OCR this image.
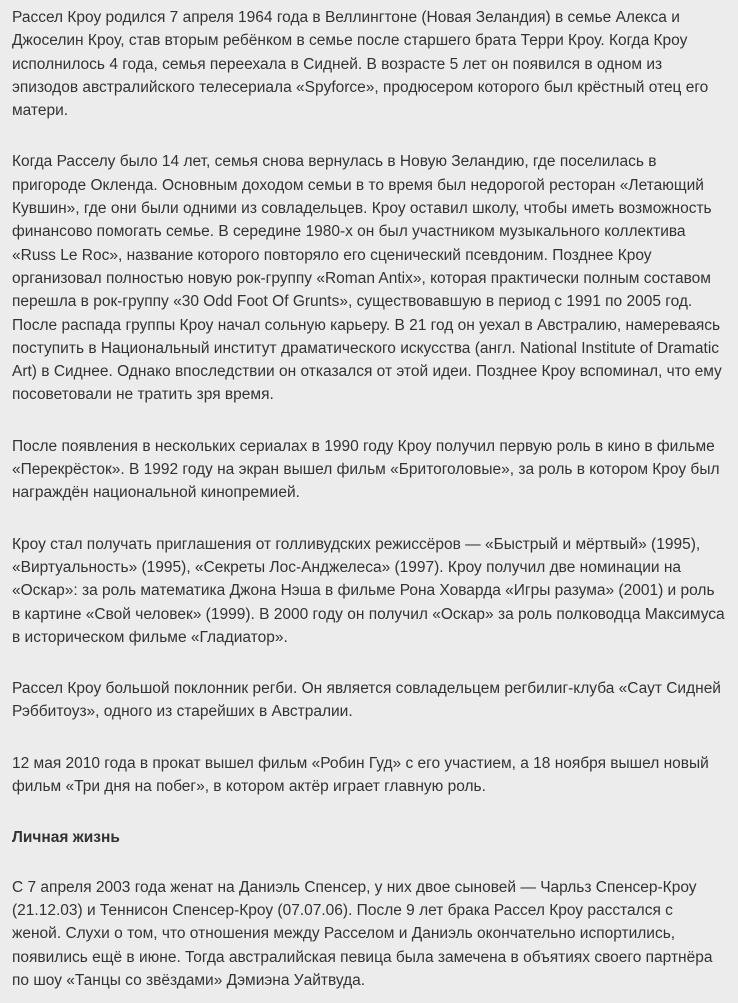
Рассел Кроу родился 7 апреля 1964 года в Веллингтоне (Новая Зеландия) в семье Алекса и Джоселин Кроу, став вторым ребёнком в семье после старшего брата Терри Кроу. Когда Кроу исполнилось 4 года, семья переехала в Сидней. В возрасте 5 лет он появился в одном из эпизодов австралийского телесериала «Spyforce», продюсером которого был крёстный отец его матери.

Когда Расселу было 14 лет, семья снова вернулась в Новую Зеландию, где поселилась в пригороде Окленда. Основным доходом семьи в то время был недорогой ресторан «Летающий Кувшин», где они были одними из совладельцев. Кроу оставил школу, чтобы иметь возможность финансово помогать семье. В середине 1980-х он был участником музыкального коллектива «Russ Le Roc», название которого повторяло его сценический псевдоним. Позднее Кроу организовал полностью новую рок-группу «Roman Antix», которая практически полным составом перешла в рок-группу «30 Odd Foot Of Grunts», существовавшую в период с 1991 по 2005 год. После распада группы Кроу начал сольную карьеру. В 21 год он уехал в Австралию, намереваясь поступить в Национальный институт драматического искусства (англ. National Institute of Dramatic Art) в Сиднее. Однако впоследствии он отказался от этой идеи. Позднее Кроу вспоминал, что ему посоветовали не тратить зря время.

После появления в нескольких сериалах в 1990 году Кроу получил первую роль в кино в фильме «Перекрёсток». В 1992 году на экран вышел фильм «Бритоголовые», за роль в котором Кроу был награждён национальной кинопремией.

Кроу стал получать приглашения от голливудских режиссёров — «Быстрый и мёртвый» (1995), «Виртуальность» (1995), «Секреты Лос-Анджелеса» (1997). Кроу получил две номинации на «Оскар»: за роль математика Джона Нэша в фильме Рона Ховарда «Игры разума» (2001) и роль в картине «Свой человек» (1999). В 2000 году он получил «Оскар» за роль полководца Максимуса в историческом фильме «Гладиатор».

Рассел Кроу большой поклонник регби. Он является совладельцем регбилиг-клуба «Саут Сидней Рэббитоуз», одного из старейших в Австралии.

12 мая 2010 года в прокат вышел фильм «Робин Гуд» с его участием, а 18 ноября вышел новый фильм «Три дня на побег», в котором актёр играет главную роль.

Личная жизнь

С 7 апреля 2003 года женат на Даниэль Спенсер, у них двое сыновей — Чарльз Спенсер-Кроу (21.12.03) и Теннисон Спенсер-Кроу (07.07.06). После 9 лет брака Рассел Кроу расстался с женой. Слухи о том, что отношения между Расселом и Даниэль окончательно испортились, появились ещё в июне. Тогда австралийская певица была замечена в объятиях своего партнёра по шоу «Танцы со звёздами» Дэмиэна Уайтвуда.
